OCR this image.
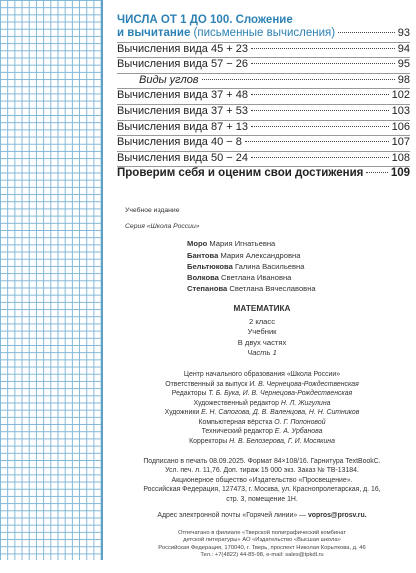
ЧИСЛА ОТ 1 ДО 100. Сложение
и вычитание (письменные вычисления)	93
Вычисления вида 45 + 23	94
Вычисления вида 57 − 26	95
Виды углов	98
Вычисления вида 37 + 48	102
Вычисления вида 37 + 53	103
Вычисления вида 87 + 13	106
Вычисления вида 40 − 8	107
Вычисления вида 50 − 24	108
Проверим себя и оценим свои достижения 109
Учебное издание
Серия «Школа России»
Моро Мария Игнатьевна
Бантова Мария Александровна
Бельтюкова Галина Васильевна
Волкова Светлана Ивановна
Степанова Светлана Вячеславовна
МАТЕМАТИКА
2 класс
Учебник
В двух частях
Часть 1
Центр начального образования «Школа России»
Ответственный за выпуск И. В. Чернецова-Рождественская
Редакторы Т. Б. Бука, И. В. Чернецова-Рождественская
Художественный редактор Н. Л. Жигулина
Художники Е. Н. Сапогова, Д. В. Валенцова, Н. Н. Ситников
Компьютерная вёрстка О. Г. Попоновой
Технический редактор Е. А. Урбанова
Корректоры Н. В. Белозерова, Г. И. Мосякина
Подписано в печать 08.09.2025. Формат 84×108/16. Гарнитура TextBookC.
Усл. печ. л. 11,76. Доп. тираж 15 000 экз. Заказ № ТВ-13184.
Акционерное общество «Издательство «Просвещение».
Российская Федерация, 127473, г. Москва, ул. Краснопролетарская, д. 16,
стр. 3, помещение 1Н.
Адрес электронной почты «Горячей линии» — vopros@prosv.ru.
Отпечатано в филиале «Тверской полиграфический комбинат
детской литературы» АО «Издательство «Высшая школа»
Российская Федерация, 170040, г. Тверь, проспект Николая Корыткова, д. 46
Тел.: +7(4822) 44-85-98, e-mail: sales@tpkdl.ru
